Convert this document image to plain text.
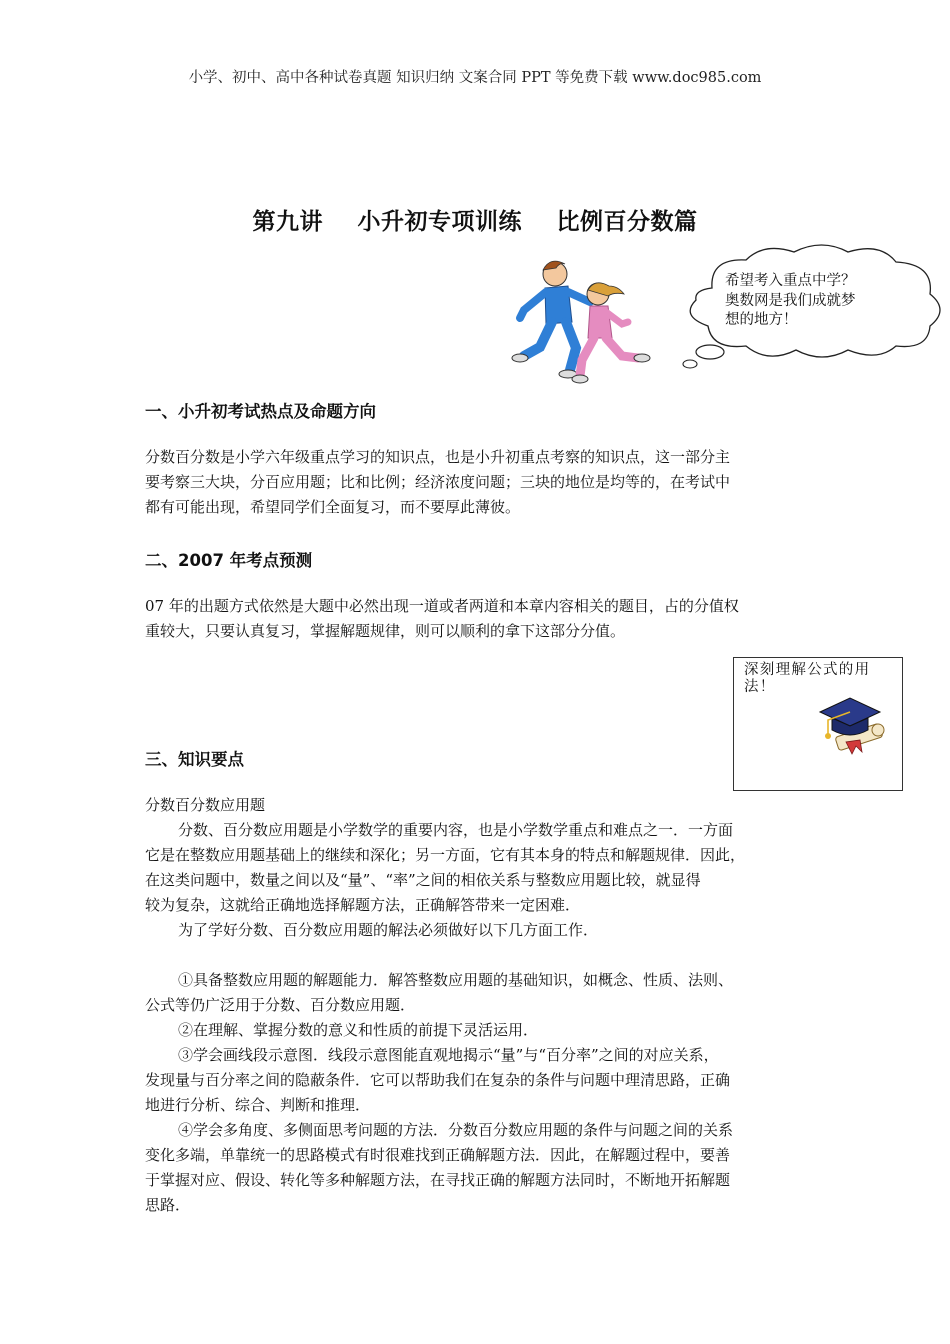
小学、初中、高中各种试卷真题 知识归纳 文案合同 PPT 等免费下载 www.doc985.com
第九讲 小升初专项训练 比例百分数篇
希望考入重点中学？
奥数网是我们成就梦
想的地方！
一、小升初考试热点及命题方向

分数百分数是小学六年级重点学习的知识点，也是小升初重点考察的知识点，这一部分主

要考察三大块，分百应用题；比和比例；经济浓度问题；三块的地位是均等的，在考试中

都有可能出现，希望同学们全面复习，而不要厚此薄彼。

二、2007 年考点预测

07 年的出题方式依然是大题中必然出现一道或者两道和本章内容相关的题目，占的分值权

重较大，只要认真复习，掌握解题规律，则可以顺利的拿下这部分分值。

深刻理解公式的用
法！
三、知识要点

分数百分数应用题

分数、百分数应用题是小学数学的重要内容，也是小学数学重点和难点之一．一方面

它是在整数应用题基础上的继续和深化；另一方面，它有其本身的特点和解题规律．因此，

在这类问题中，数量之间以及“量”、“率”之间的相依关系与整数应用题比较，就显得

较为复杂，这就给正确地选择解题方法，正确解答带来一定困难．

为了学好分数、百分数应用题的解法必须做好以下几方面工作．

①具备整数应用题的解题能力．解答整数应用题的基础知识，如概念、性质、法则、

公式等仍广泛用于分数、百分数应用题．

②在理解、掌握分数的意义和性质的前提下灵活运用．

③学会画线段示意图．线段示意图能直观地揭示“量”与“百分率”之间的对应关系，

发现量与百分率之间的隐蔽条件．它可以帮助我们在复杂的条件与问题中理清思路，正确

地进行分析、综合、判断和推理．

④学会多角度、多侧面思考问题的方法．分数百分数应用题的条件与问题之间的关系

变化多端，单靠统一的思路模式有时很难找到正确解题方法．因此，在解题过程中，要善

于掌握对应、假设、转化等多种解题方法，在寻找正确的解题方法同时，不断地开拓解题

思路．
